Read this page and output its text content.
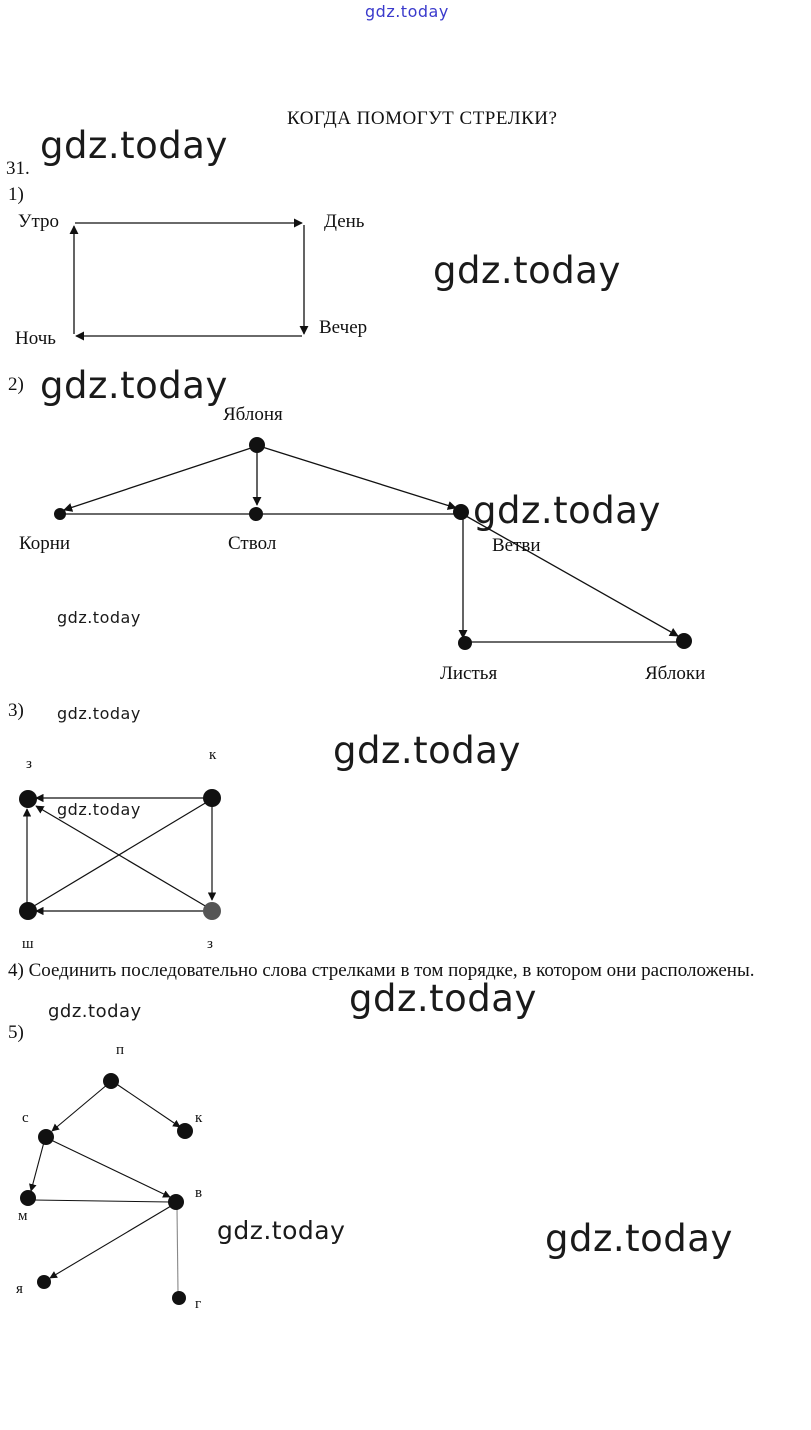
gdz.today
КОГДА ПОМОГУТ СТРЕЛКИ?
31.
gdz.today
gdz.today
gdz.today
gdz.today
gdz.today
gdz.today
gdz.today
gdz.today
gdz.today
gdz.today
gdz.today	gdz.today
1)
Утро	День
Вечер
Ночь
2)
Яблоня
Корни	Ствол	Ветви
Листья	Яблоки
3)
з
к
ш	з
4) Соединить последовательно слова стрелками в том порядке, в котором они расположены.
5)
п
с	к
м
в
я
г
